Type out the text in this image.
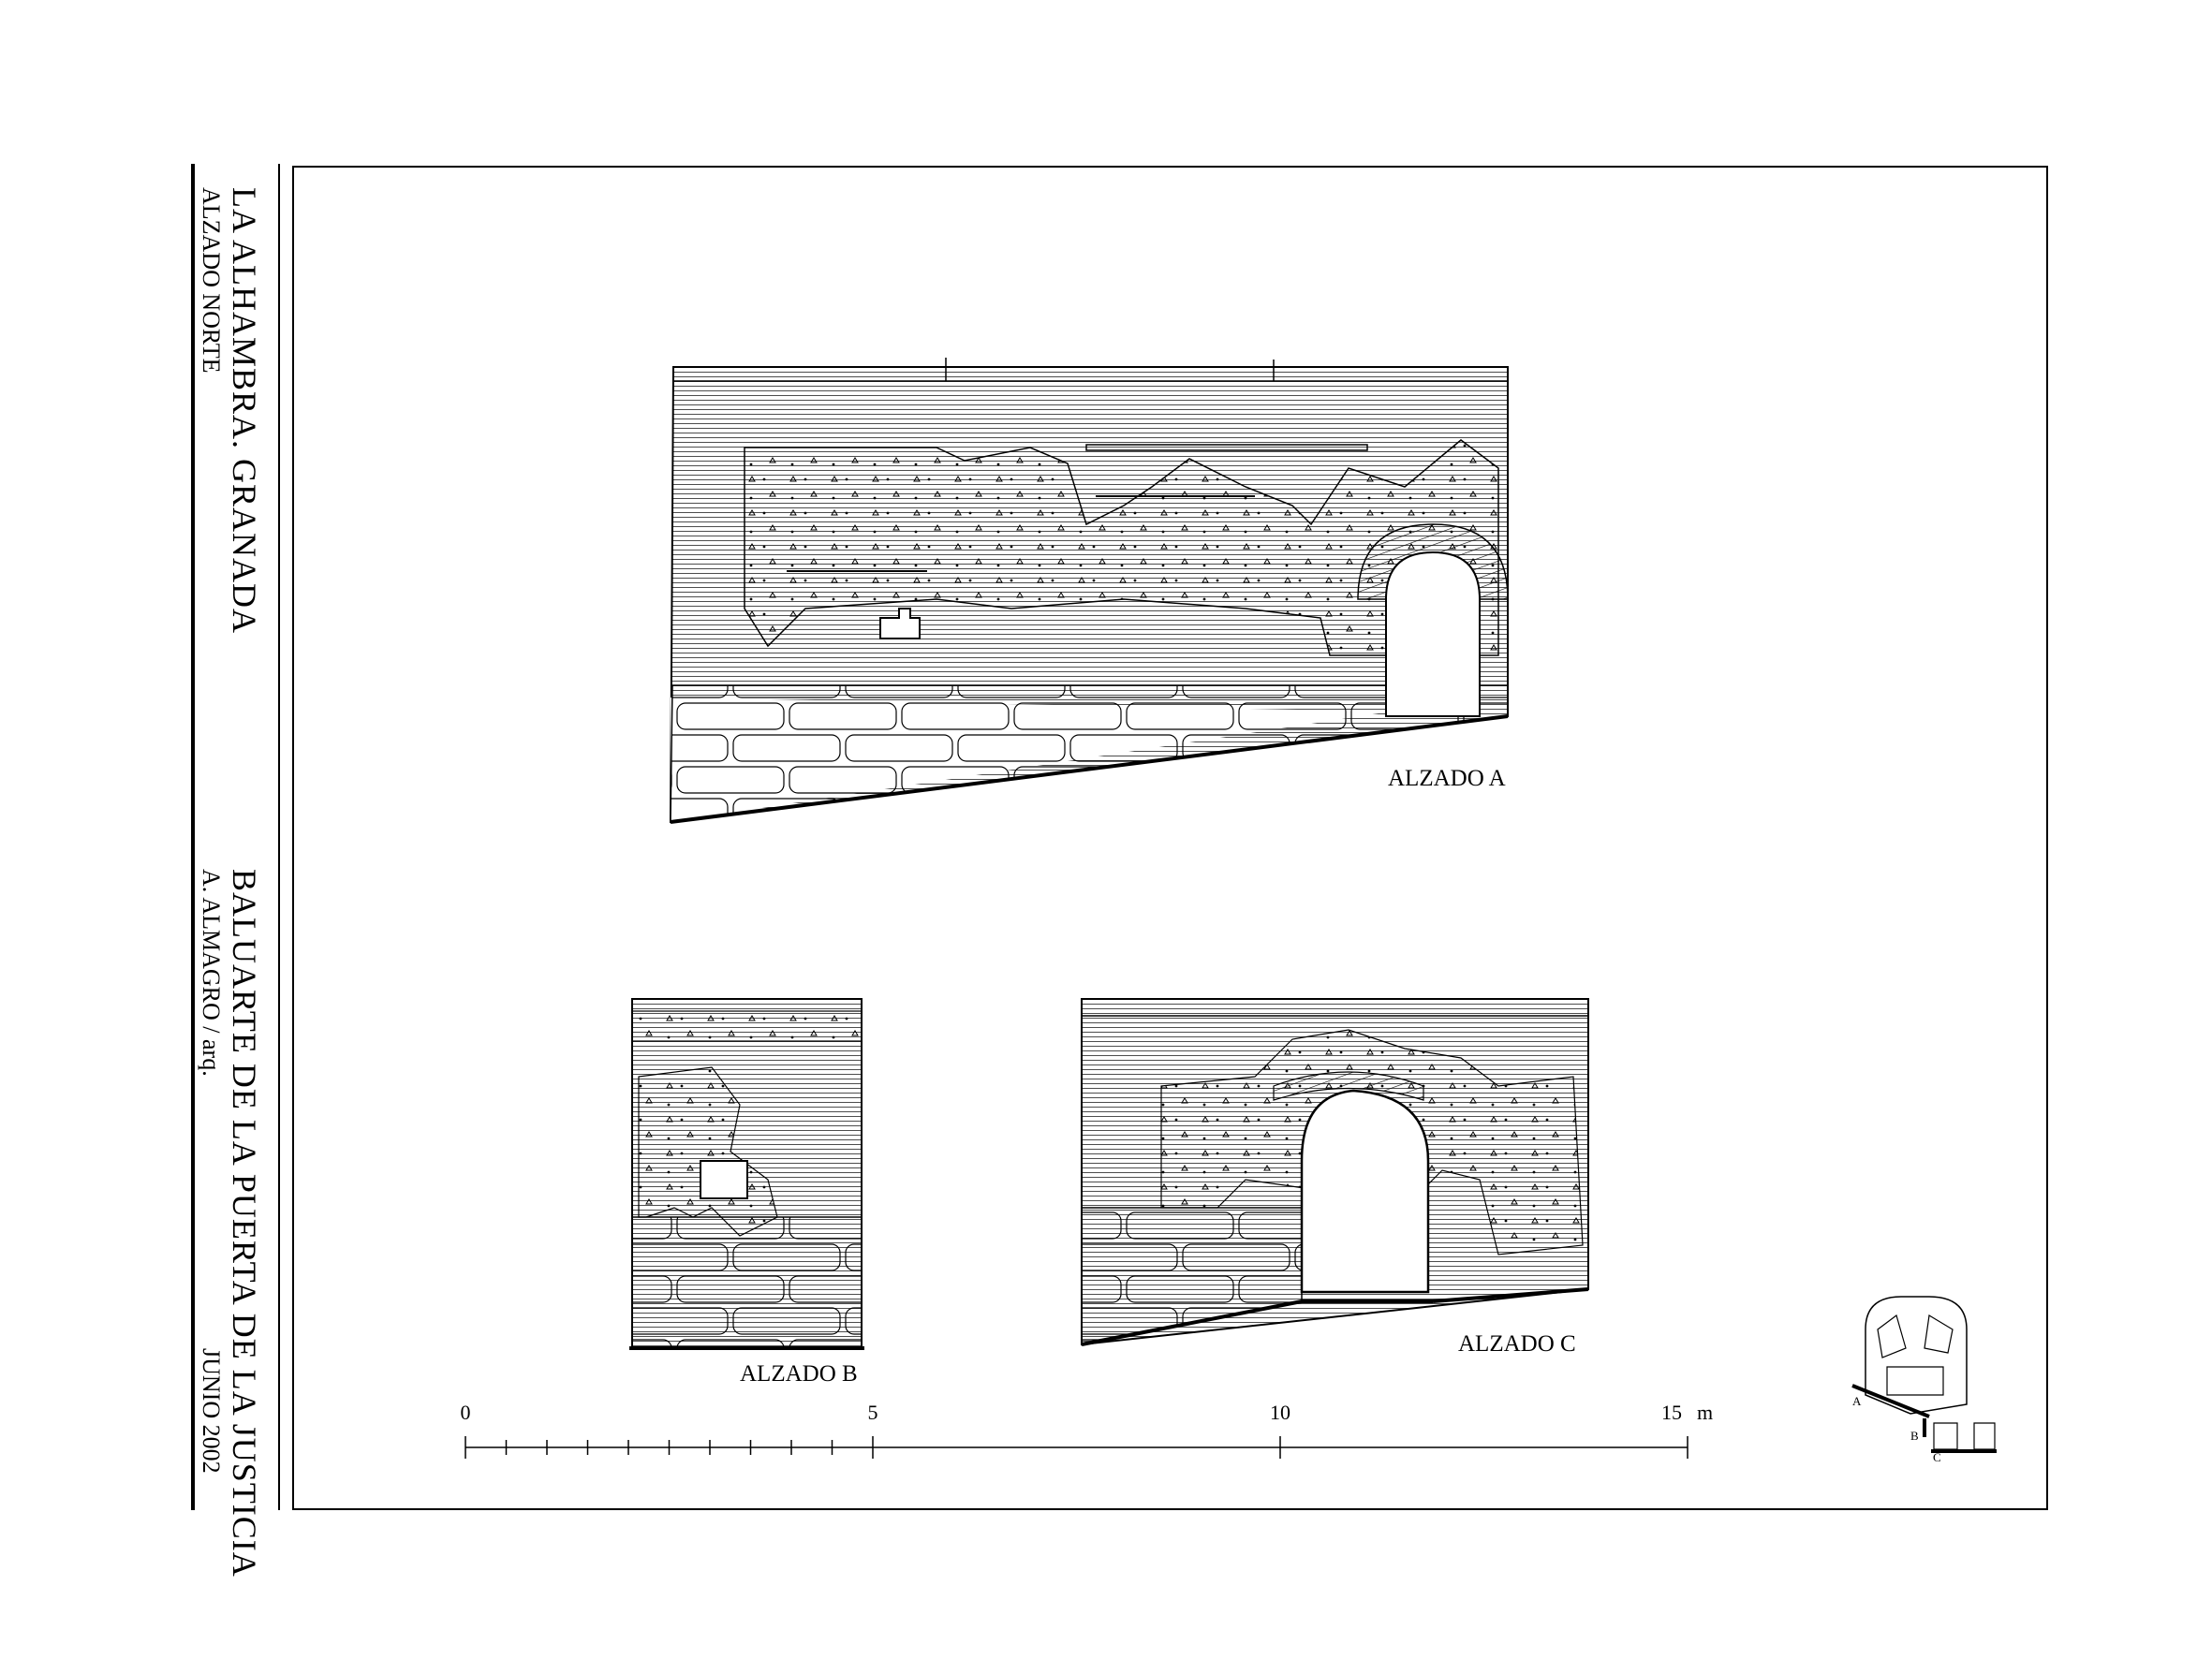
LA ALHAMBRA. GRANADA
ALZADO NORTE
BALUARTE DE LA PUERTA DE LA JUSTICIA
A. ALMAGRO / arq.
JUNIO 2002
ALZADO A
ALZADO B
ALZADO C
0	5	10	15 m	A
B
C
